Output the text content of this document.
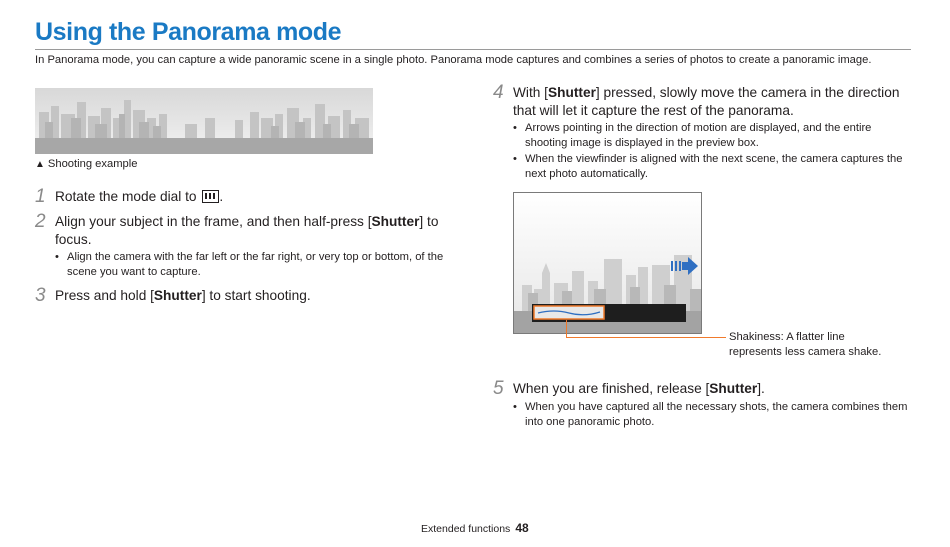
Using the Panorama mode
In Panorama mode, you can capture a wide panoramic scene in a single photo. Panorama mode captures and combines a series of photos to create a panoramic image.
▲ Shooting example
1 Rotate the mode dial to
.
2 Align your subject in the frame, and then half-press [Shutter] to focus.
• Align the camera with the far left or the far right, or very top or bottom, of the scene you want to capture.
3 Press and hold [Shutter] to start shooting.
4 With [Shutter] pressed, slowly move the camera in the direction that will let it capture the rest of the panorama.
• Arrows pointing in the direction of motion are displayed, and the entire shooting image is displayed in the preview box.
• When the viewfinder is aligned with the next scene, the camera captures the next photo automatically.
Shakiness: A flatter line represents less camera shake.
5 When you are finished, release [Shutter].
• When you have captured all the necessary shots, the camera combines them into one panoramic photo.
Extended functions 48
